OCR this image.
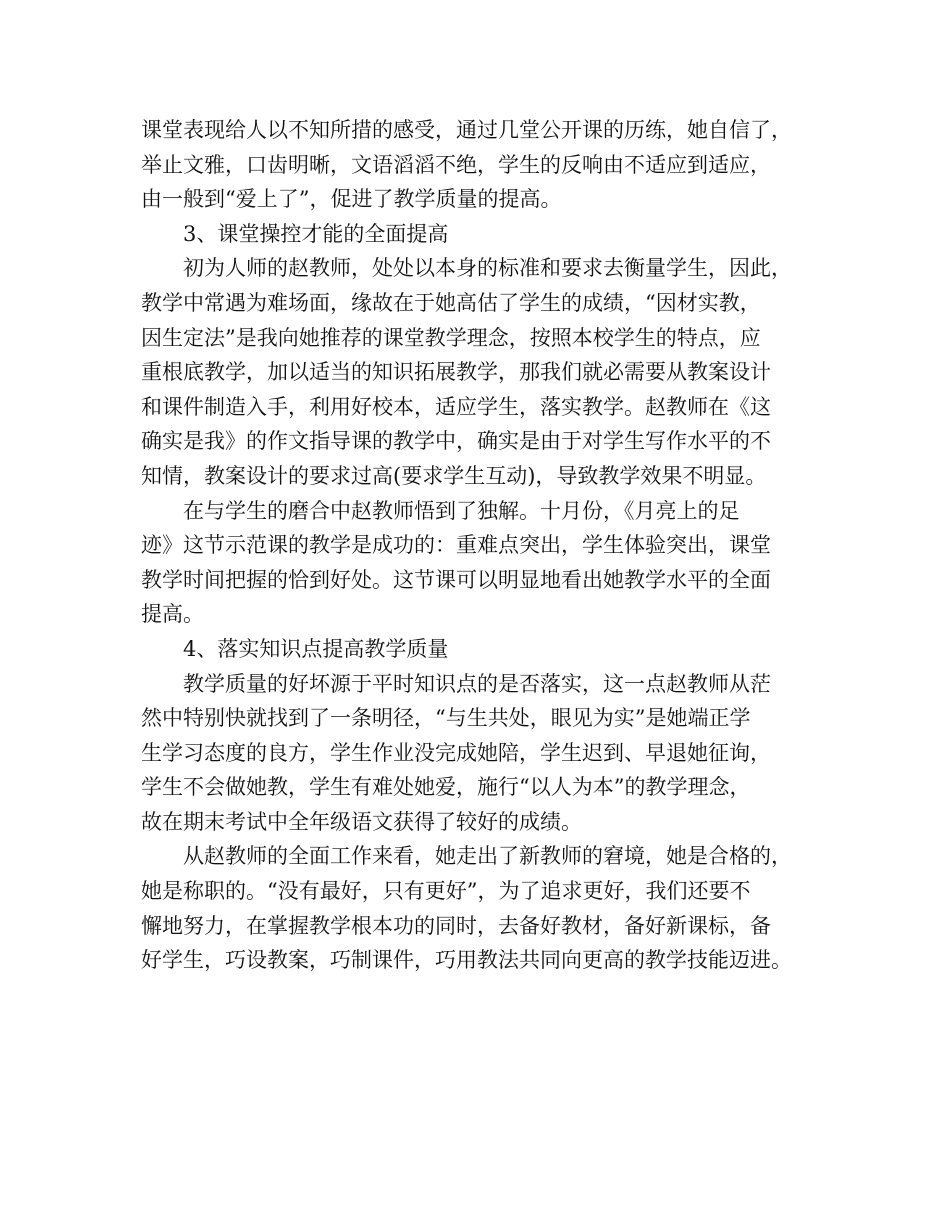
课堂表现给人以不知所措的感受，通过几堂公开课的历练，她自信了，
举止文雅，口齿明晰，文语滔滔不绝，学生的反响由不适应到适应，
由一般到“爱上了”，促进了教学质量的提高。
3、课堂操控才能的全面提高
初为人师的赵教师，处处以本身的标准和要求去衡量学生，因此，
教学中常遇为难场面，缘故在于她高估了学生的成绩，“因材实教，
因生定法”是我向她推荐的课堂教学理念，按照本校学生的特点，应
重根底教学，加以适当的知识拓展教学，那我们就必需要从教案设计
和课件制造入手，利用好校本，适应学生，落实教学。赵教师在《这
确实是我》的作文指导课的教学中，确实是由于对学生写作水平的不
知情，教案设计的要求过高(要求学生互动)，导致教学效果不明显。
在与学生的磨合中赵教师悟到了独解。十月份，《月亮上的足
迹》这节示范课的教学是成功的：重难点突出，学生体验突出，课堂
教学时间把握的恰到好处。这节课可以明显地看出她教学水平的全面
提高。
4、落实知识点提高教学质量
教学质量的好坏源于平时知识点的是否落实，这一点赵教师从茫
然中特别快就找到了一条明径，“与生共处，眼见为实”是她端正学
生学习态度的良方，学生作业没完成她陪，学生迟到、早退她征询，
学生不会做她教，学生有难处她爱，施行“以人为本”的教学理念，
故在期末考试中全年级语文获得了较好的成绩。
从赵教师的全面工作来看，她走出了新教师的窘境，她是合格的，
她是称职的。“没有最好，只有更好”，为了追求更好，我们还要不
懈地努力，在掌握教学根本功的同时，去备好教材，备好新课标，备
好学生，巧设教案，巧制课件，巧用教法共同向更高的教学技能迈进。
